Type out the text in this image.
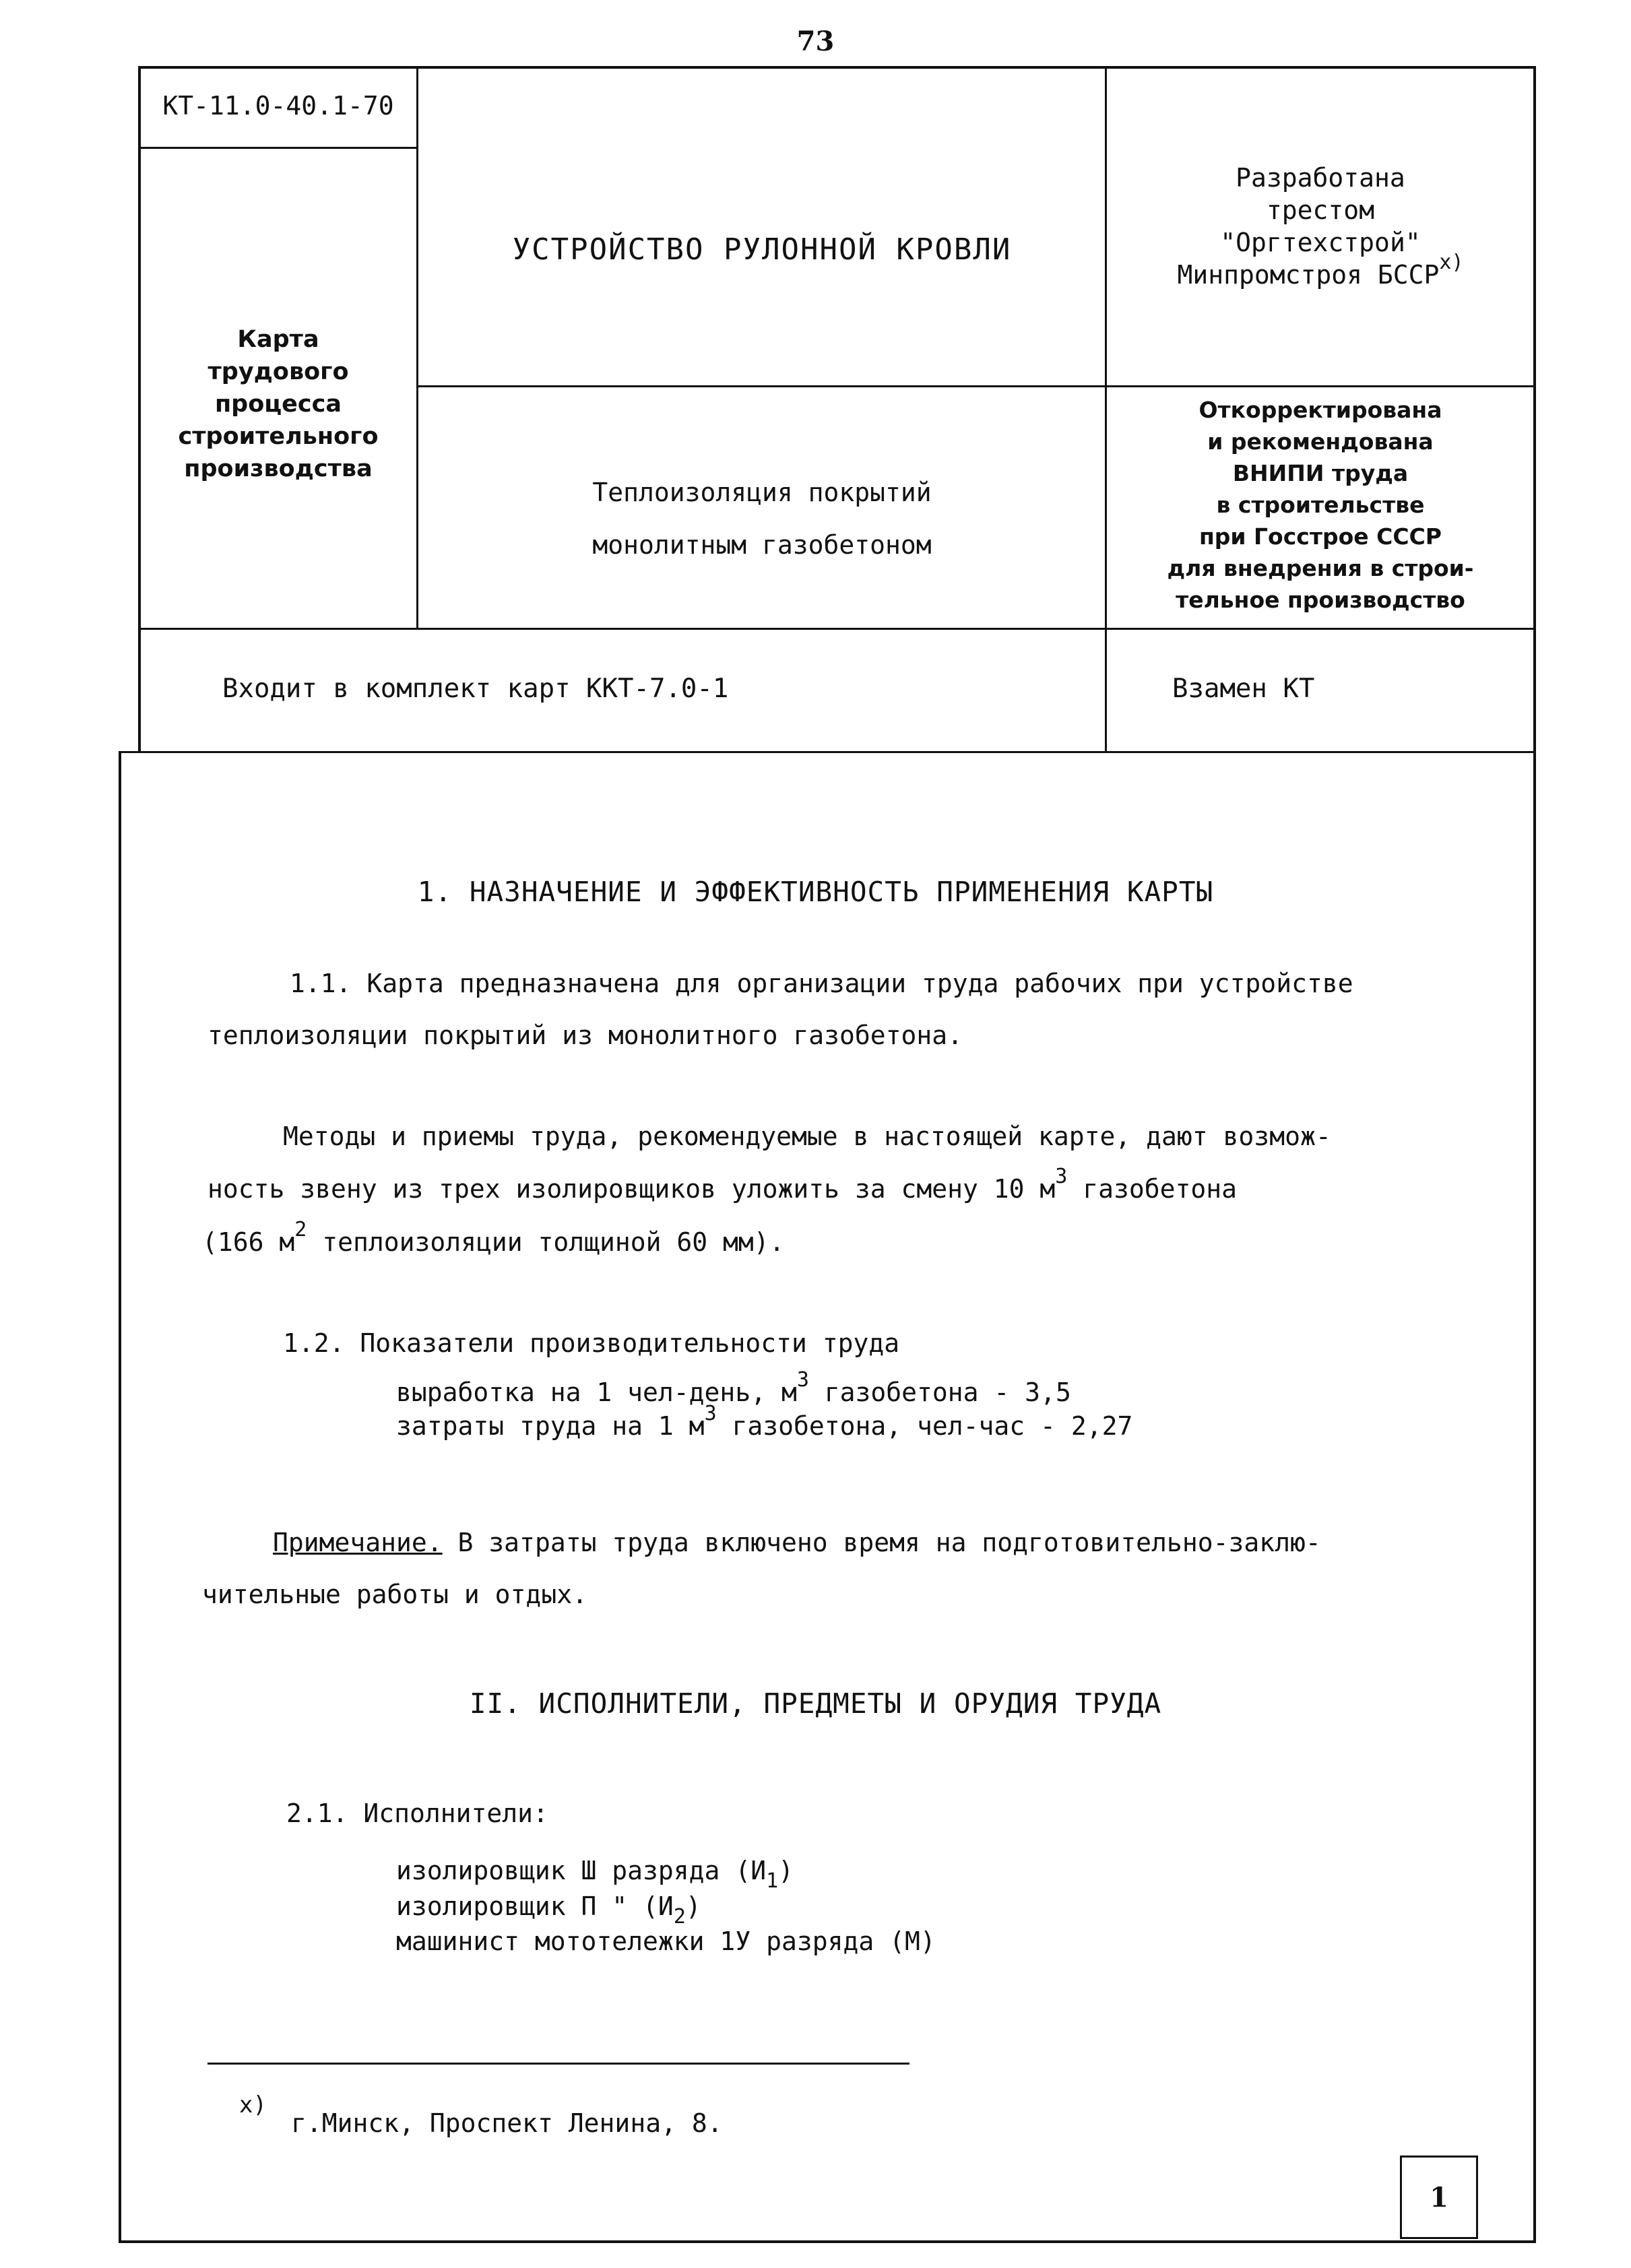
73
КТ-11.0-40.1-70
УСТРОЙСТВО РУЛОННОЙ КРОВЛИ
Разработана
трестом
"Оргтехстрой"
Минпромстроя БССР$^{x)}$
Карта
трудового
процесса
строительного
производства
Теплоизоляция покрытий
монолитным газобетоном
Откорректирована
и рекомендована
ВНИПИ труда
в строительстве
при Госстрое СССР
для внедрения в строи-
тельное производство
Входит в комплект карт ККТ-7.0-1	Взамен КТ
1. НАЗНАЧЕНИЕ И ЭФФЕКТИВНОСТЬ ПРИМЕНЕНИЯ КАРТЫ
1.1. Карта предназначена для организации труда рабочих при устройстве
теплоизоляции покрытий из монолитного газобетона.
Методы и приемы труда, рекомендуемые в настоящей карте, дают возмож-
ность звену из трех изолировщиков уложить за смену 10 $м^3$ газобетона
(166 $м^2$ теплоизоляции толщиной 60 мм).
1.2. Показатели производительности труда
выработка на 1 чел-день, $м^3$ газобетона - 3,5
затраты труда на 1 $м^3$ газобетона, чел-час - 2,27
Примечание. В затраты труда включено время на подготовительно-заклю-
чительные работы и отдых.
II. ИСПОЛНИТЕЛИ, ПРЕДМЕТЫ И ОРУДИЯ ТРУДА
2.1. Исполнители:
изолировщик Ш разряда $(И_1)$
изолировщик П " $(И_2)$
машинист мототележки 1У разряда (М)
x)
г.Минск, Проспект Ленина, 8.
1
